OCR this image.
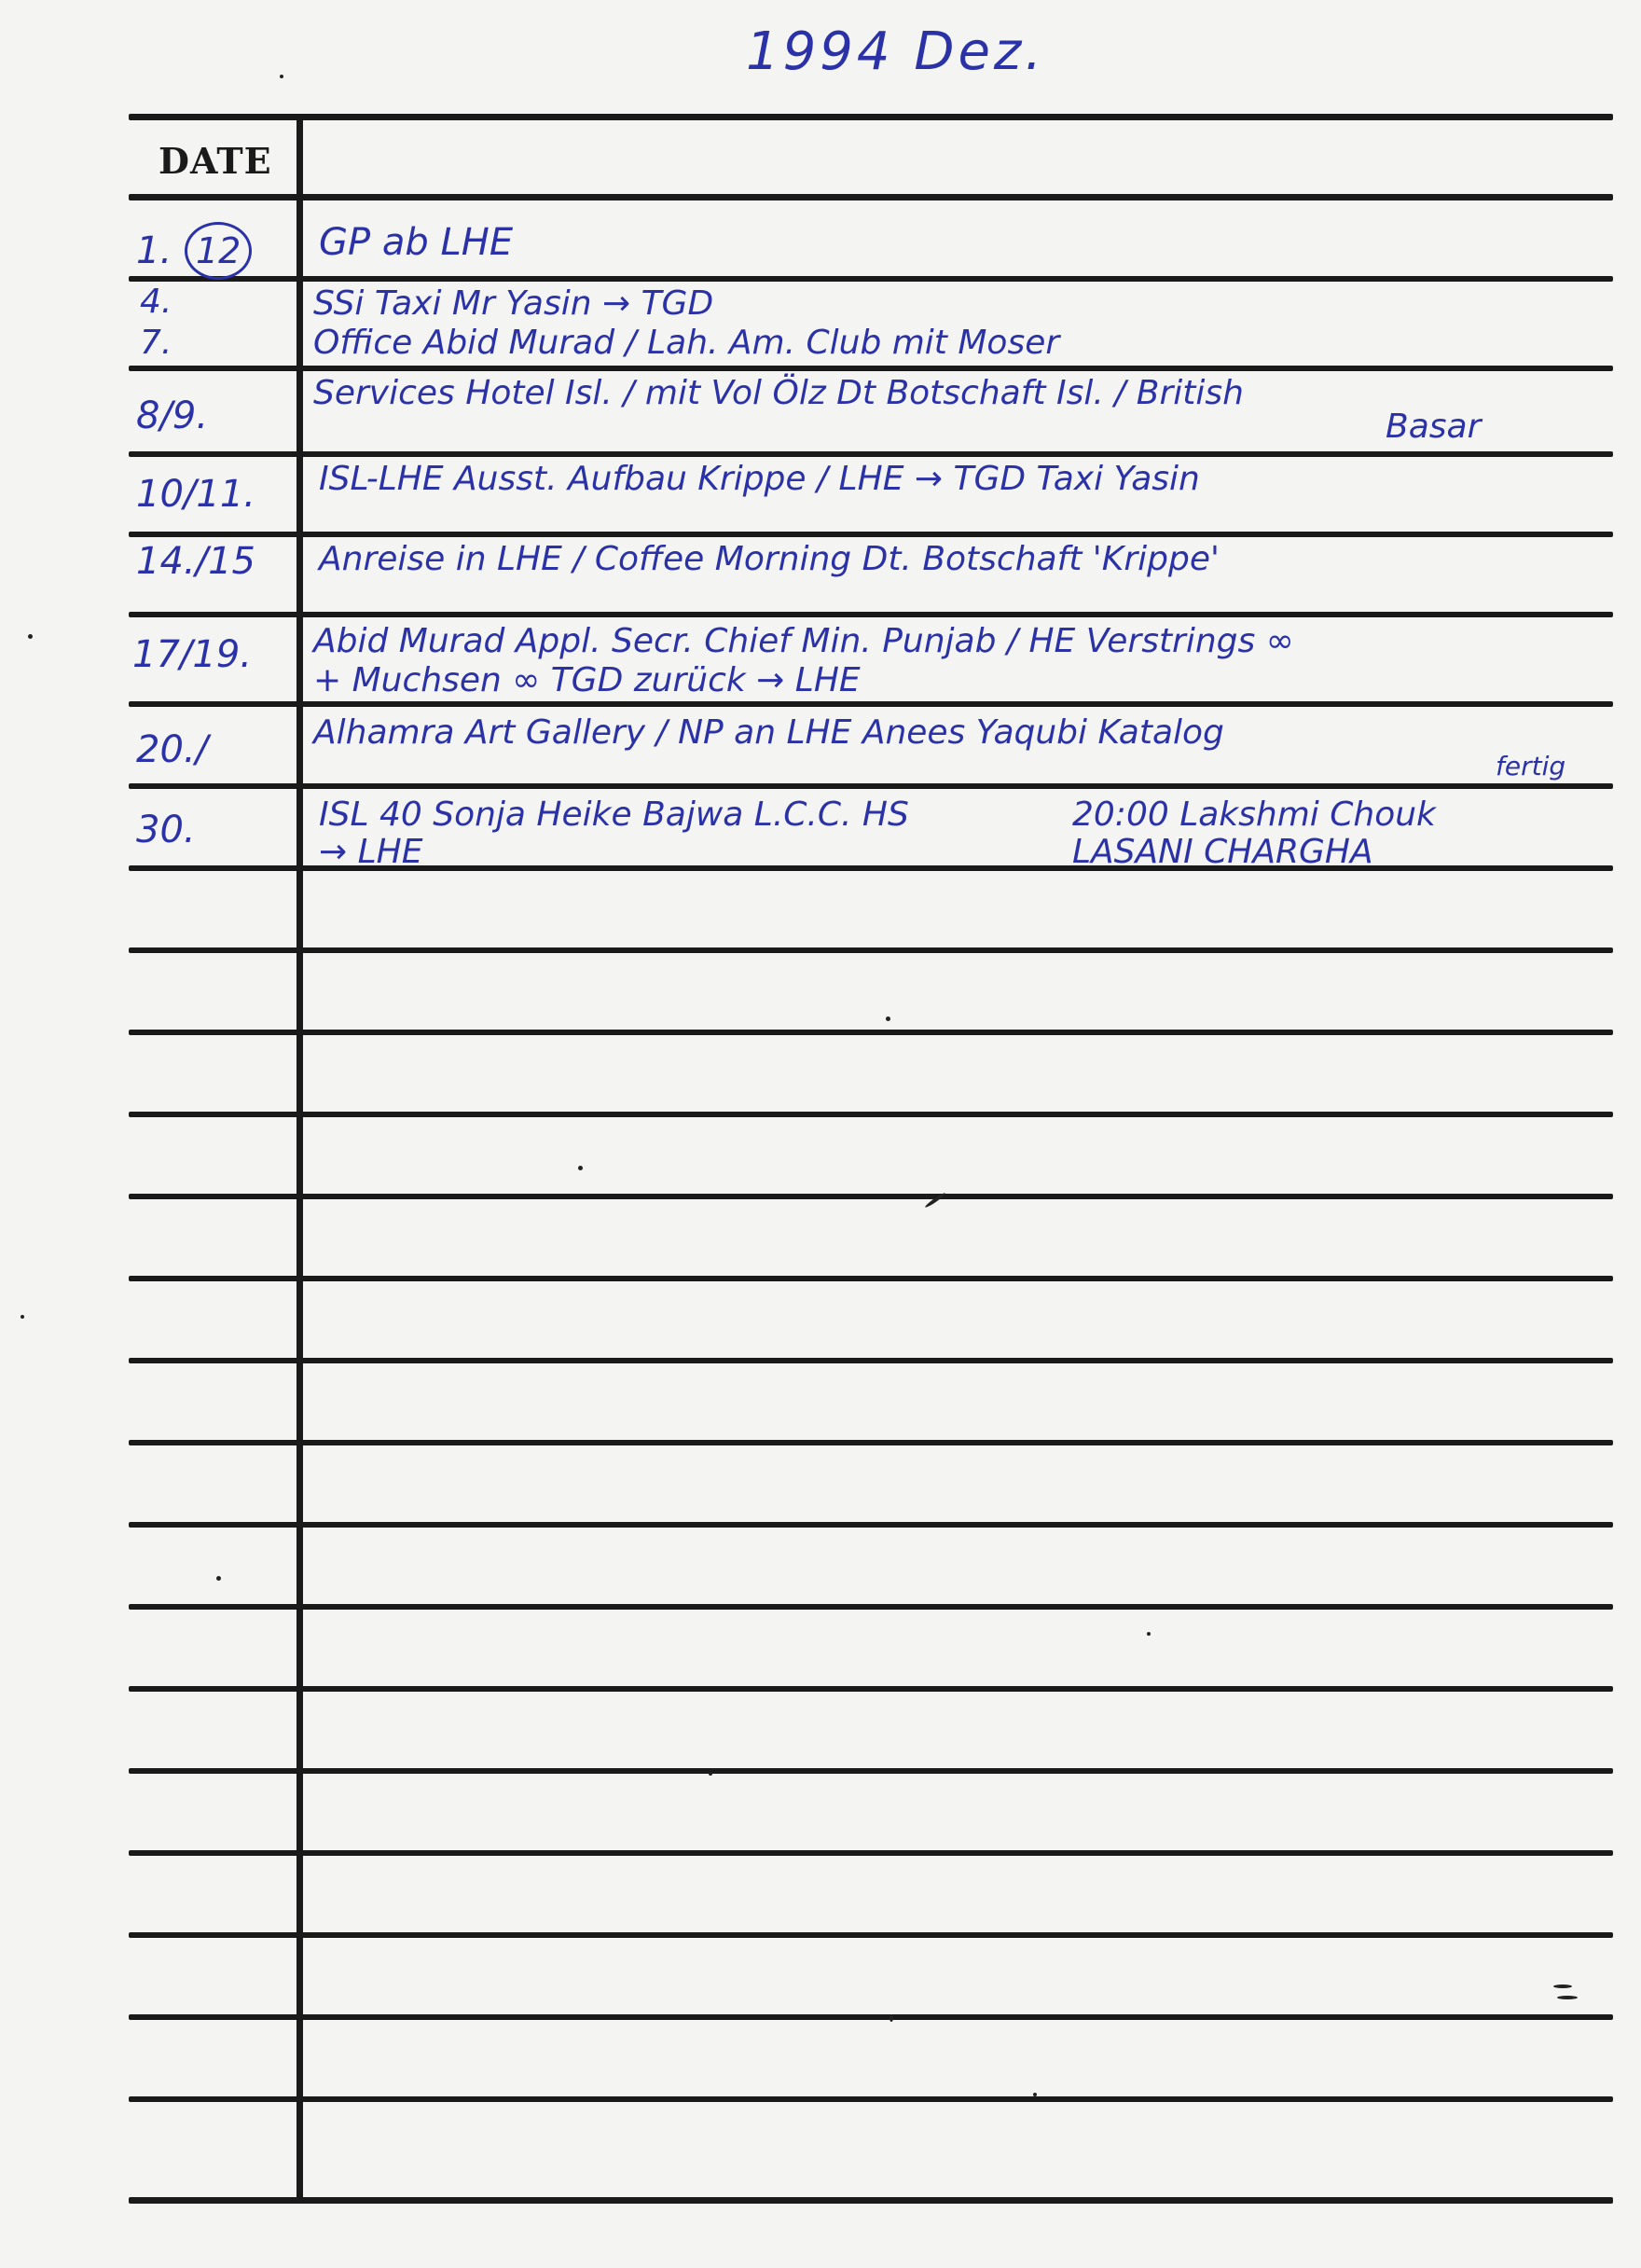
1994 Dez.
DATE
1. 12 GP ab LHE
4.	SSi Taxi Mr Yasin → TGD
7.	Office Abid Murad / Lah. Am. Club mit Moser
8/9.
Services Hotel Isl. / mit Vol Ölz Dt Botschaft Isl. / British
Basar
10/11. ISL-LHE Ausst. Aufbau Krippe / LHE → TGD Taxi Yasin
14./15 Anreise in LHE / Coffee Morning Dt. Botschaft 'Krippe'
17/19. Abid Murad Appl. Secr. Chief Min. Punjab / HE Verstrings ∞
+ Muchsen ∞ TGD zurück → LHE
20./	Alhamra Art Gallery / NP an LHE Anees Yaqubi Katalog
fertig
30.	ISL 40 Sonja Heike Bajwa L.C.C. HS
→ LHE
20:00 Lakshmi Chouk
LASANI CHARGHA
